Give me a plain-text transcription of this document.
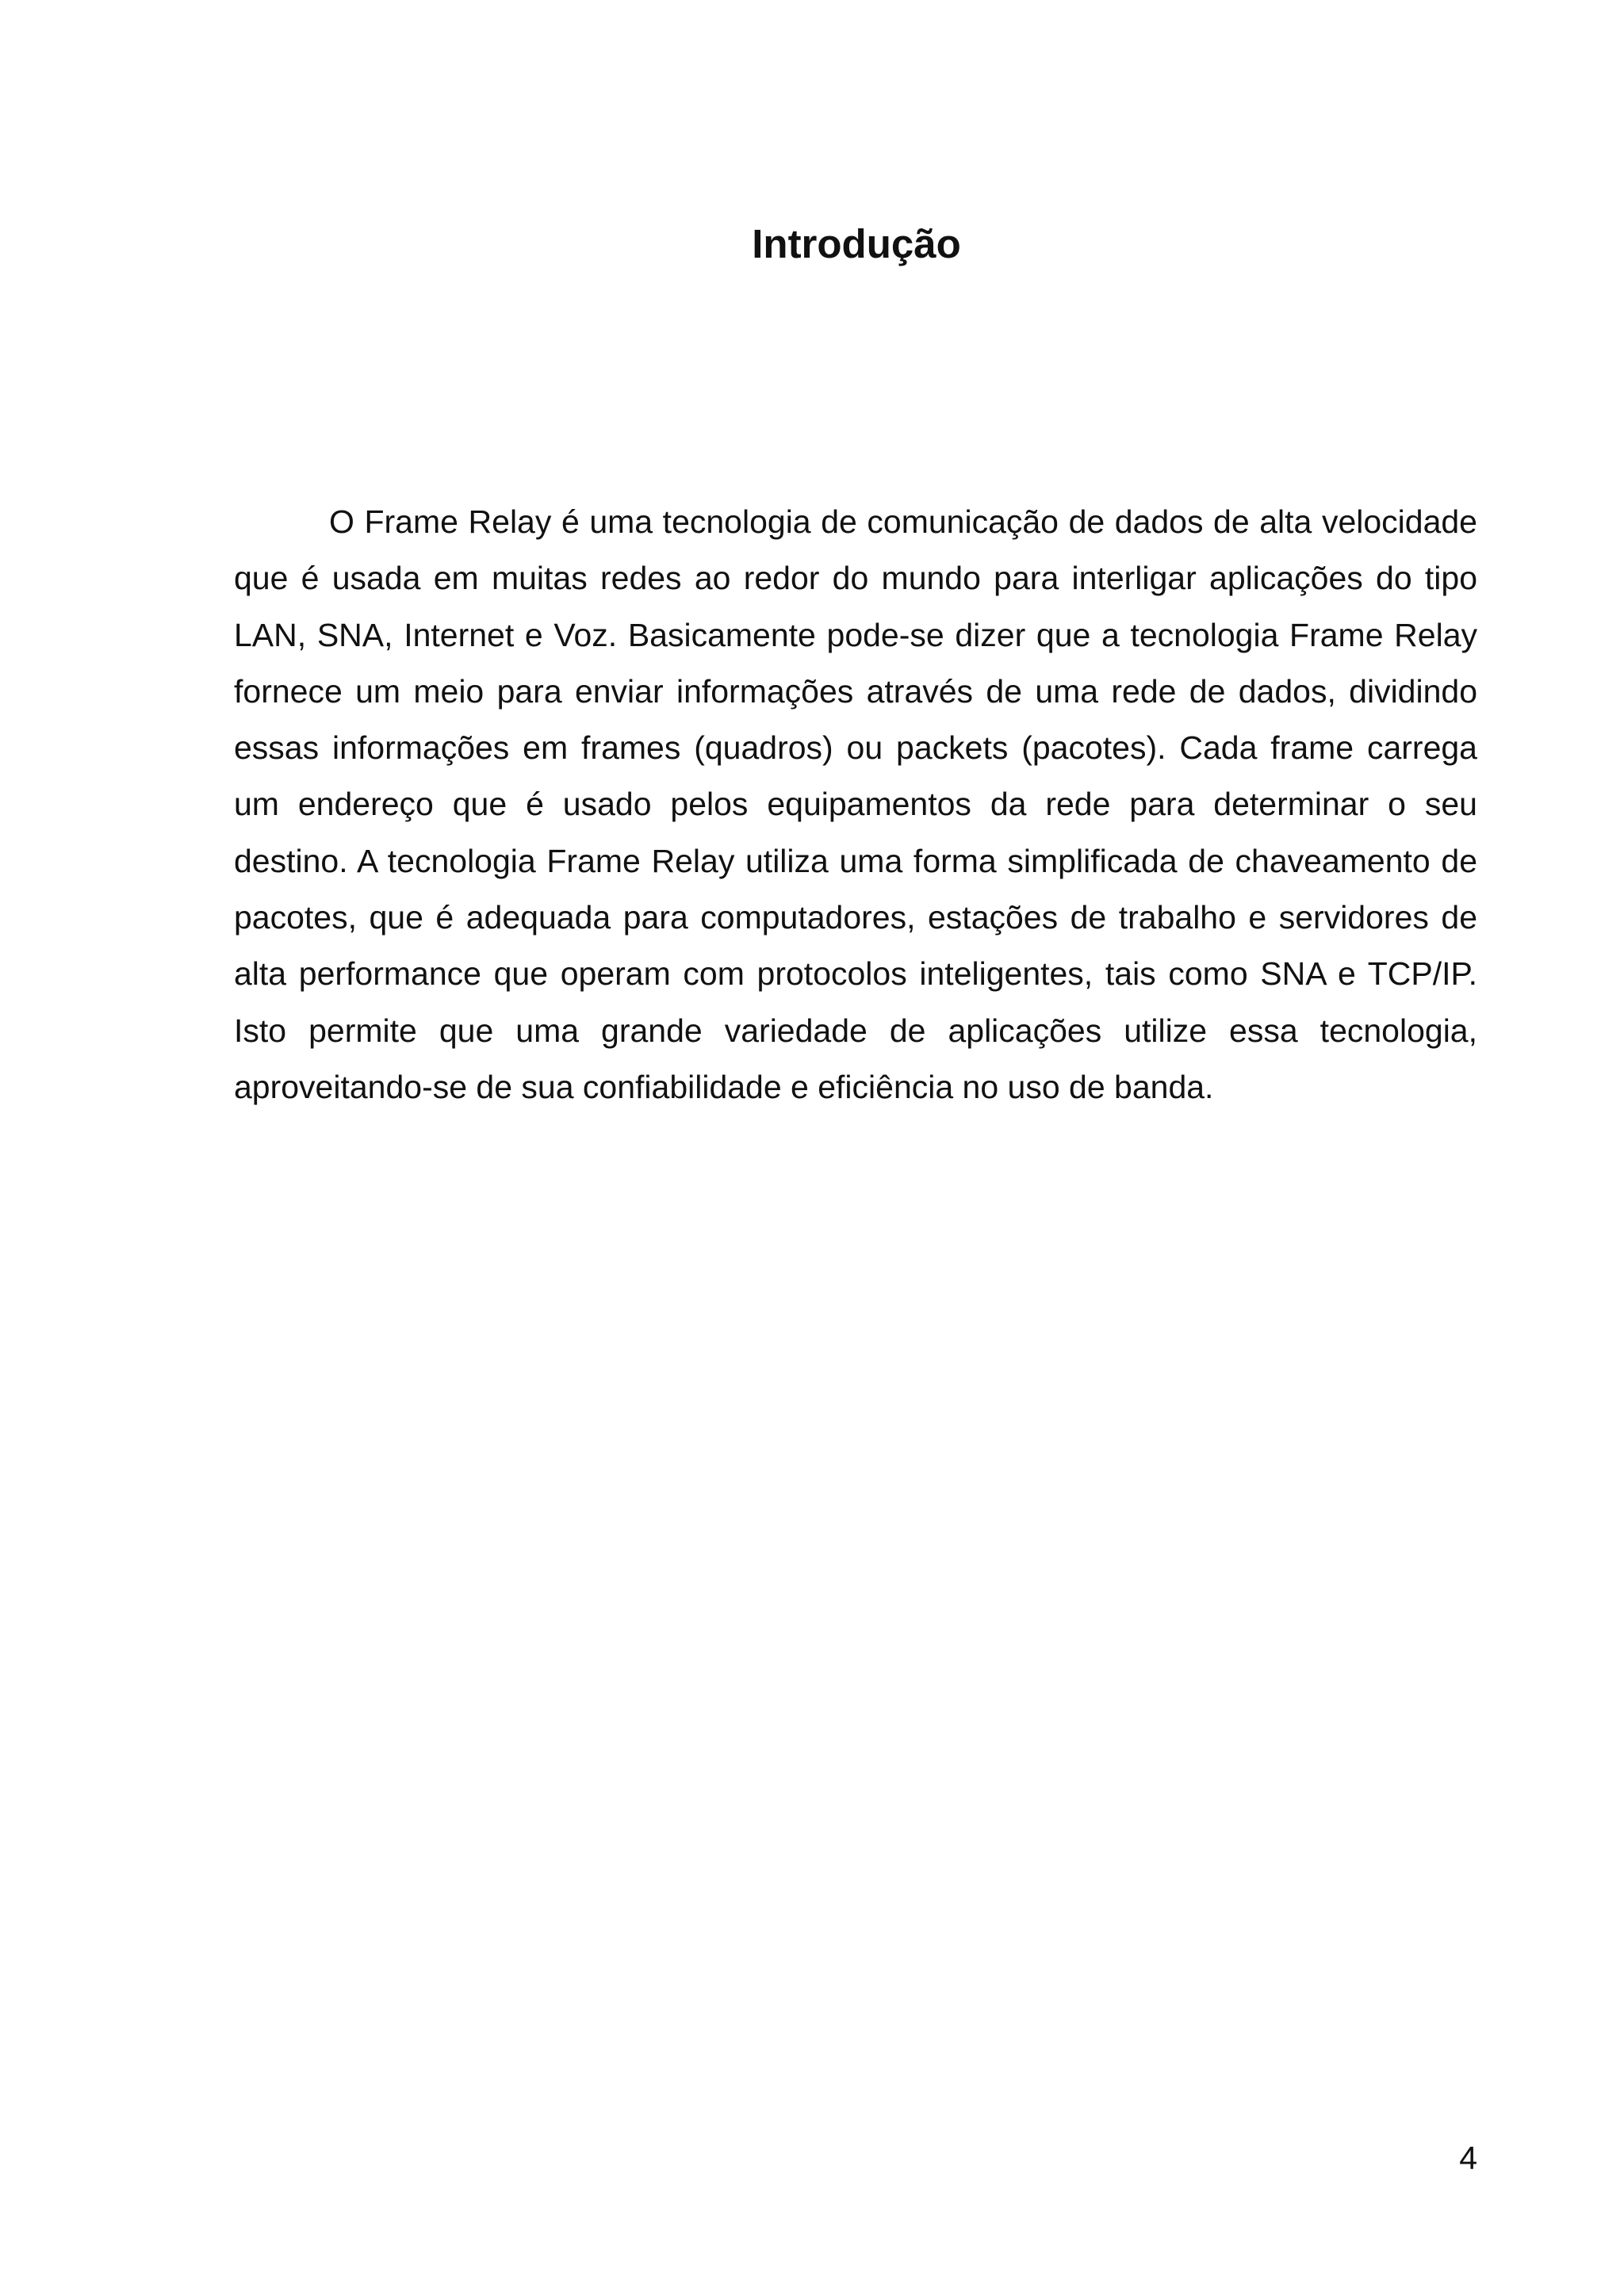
Introdução

O Frame Relay é uma tecnologia de comunicação de dados de alta velocidade que é usada em muitas redes ao redor do mundo para interligar aplicações do tipo LAN, SNA, Internet e Voz. Basicamente pode-se dizer que a tecnologia Frame Relay fornece um meio para enviar informações através de uma rede de dados, dividindo essas informações em frames (quadros) ou packets (pacotes). Cada frame carrega um endereço que é usado pelos equipamentos da rede para determinar o seu destino. A tecnologia Frame Relay utiliza uma forma simplificada de chaveamento de pacotes, que é adequada para computadores, estações de trabalho e servidores de alta performance que operam com protocolos inteligentes, tais como SNA e TCP/IP. Isto permite que uma grande variedade de aplicações utilize essa tecnologia, aproveitando-se de sua confiabilidade e eficiência no uso de banda.

4
